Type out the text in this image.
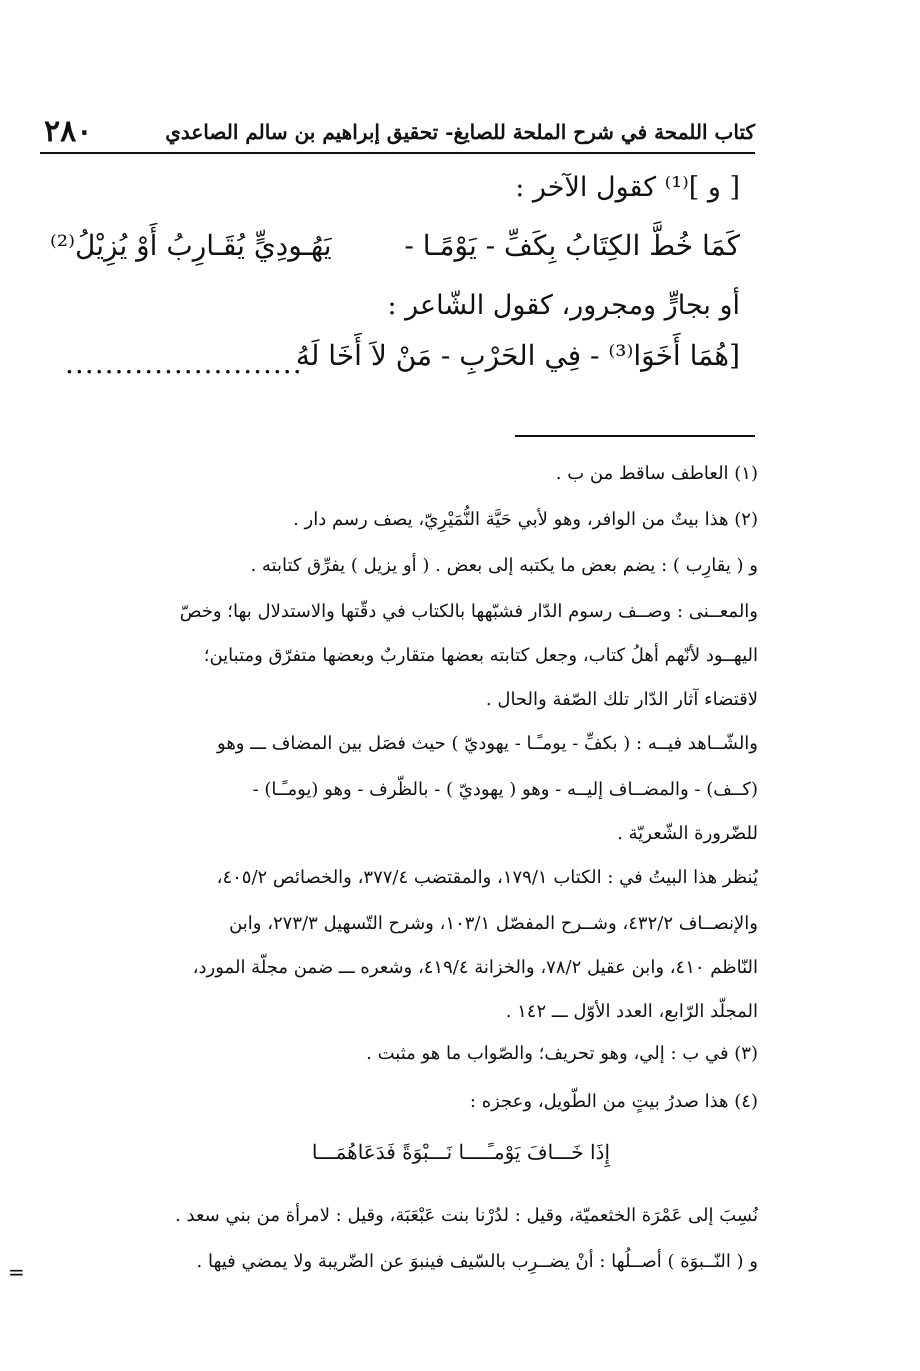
٢٨٠	كتاب اللمحة في شرح الملحة للصايغ- تحقيق إبراهيم بن سالم الصاعدي
[ و ]⁽¹⁾ كقول الآخر :
كَمَا خُطَّ الكِتَابُ بِكَفِّ - يَوْمًـا -
يَهُـودِيٍّ يُقَـارِبُ أَوْ يُزِيْلُ⁽²⁾
أو بجارٍّ ومجرور، كقول الشّاعر :
[هُمَا أَخَوَا⁽³⁾ - فِي الحَرْبِ - مَنْ لاَ أَخَا لَهُ
........................
(١) العاطف ساقط من ب .
(٢) هذا بيتٌ من الوافر، وهو لأبي حَيَّة النُّمَيْرِيّ، يصف رسم دار .
و ( يقارِب ) : يضم بعض ما يكتبه إلى بعض . ( أو يزيل ) يفرِّق كتابته .
والمعــنى : وصــف رسوم الدّار فشبّهها بالكتاب في دقّتها والاستدلال بها؛ وخصّ
اليهــود لأنّهم أهلُ كتاب، وجعل كتابته بعضها متقاربٌ وبعضها متفرّق ومتباين؛
لاقتضاء آثار الدّار تلك الصّفة والحال .
والشّــاهد فيــه : ( بكفِّ - يومـًـا - يهوديّ ) حيث فصَل بين المضاف ـــ وهو
(كــف) - والمضــاف إليــه - وهو ( يهوديّ ) - بالظّرف - وهو (يومـًـا) -
للضّرورة الشّعريّة .
يُنظر هذا البيتُ في : الكتاب ١٧٩/١، والمقتضب ٣٧٧/٤، والخصائص ٤٠٥/٢،
والإنصــاف ٤٣٢/٢، وشــرح المفصّل ١٠٣/١، وشرح التّسهيل ٢٧٣/٣، وابن
النّاظم ٤١٠، وابن عقيل ٧٨/٢، والخزانة ٤١٩/٤، وشعره ـــ ضمن مجلّة المورد،
المجلّد الرّابع، العدد الأوّل ـــ ١٤٢ .
(٣) في ب : إلي، وهو تحريف؛ والصّواب ما هو مثبت .
(٤) هذا صدرُ بيتٍ من الطّويل، وعجزه :
إِذَا خَـــافَ يَوْمـًــــا نَـــبْوَةً فَدَعَاهُمَـــا
نُسِبَ إلى عَمْرَة الخثعميّة، وقيل : لدُرْنا بنت عَبْعَبَة، وقيل : لامرأة من بني سعد .
و ( النّــبوَة ) أصــلُها : أنْ يضــرِب بالسّيف فينبوَ عن الضّريبة ولا يمضي فيها .
=
